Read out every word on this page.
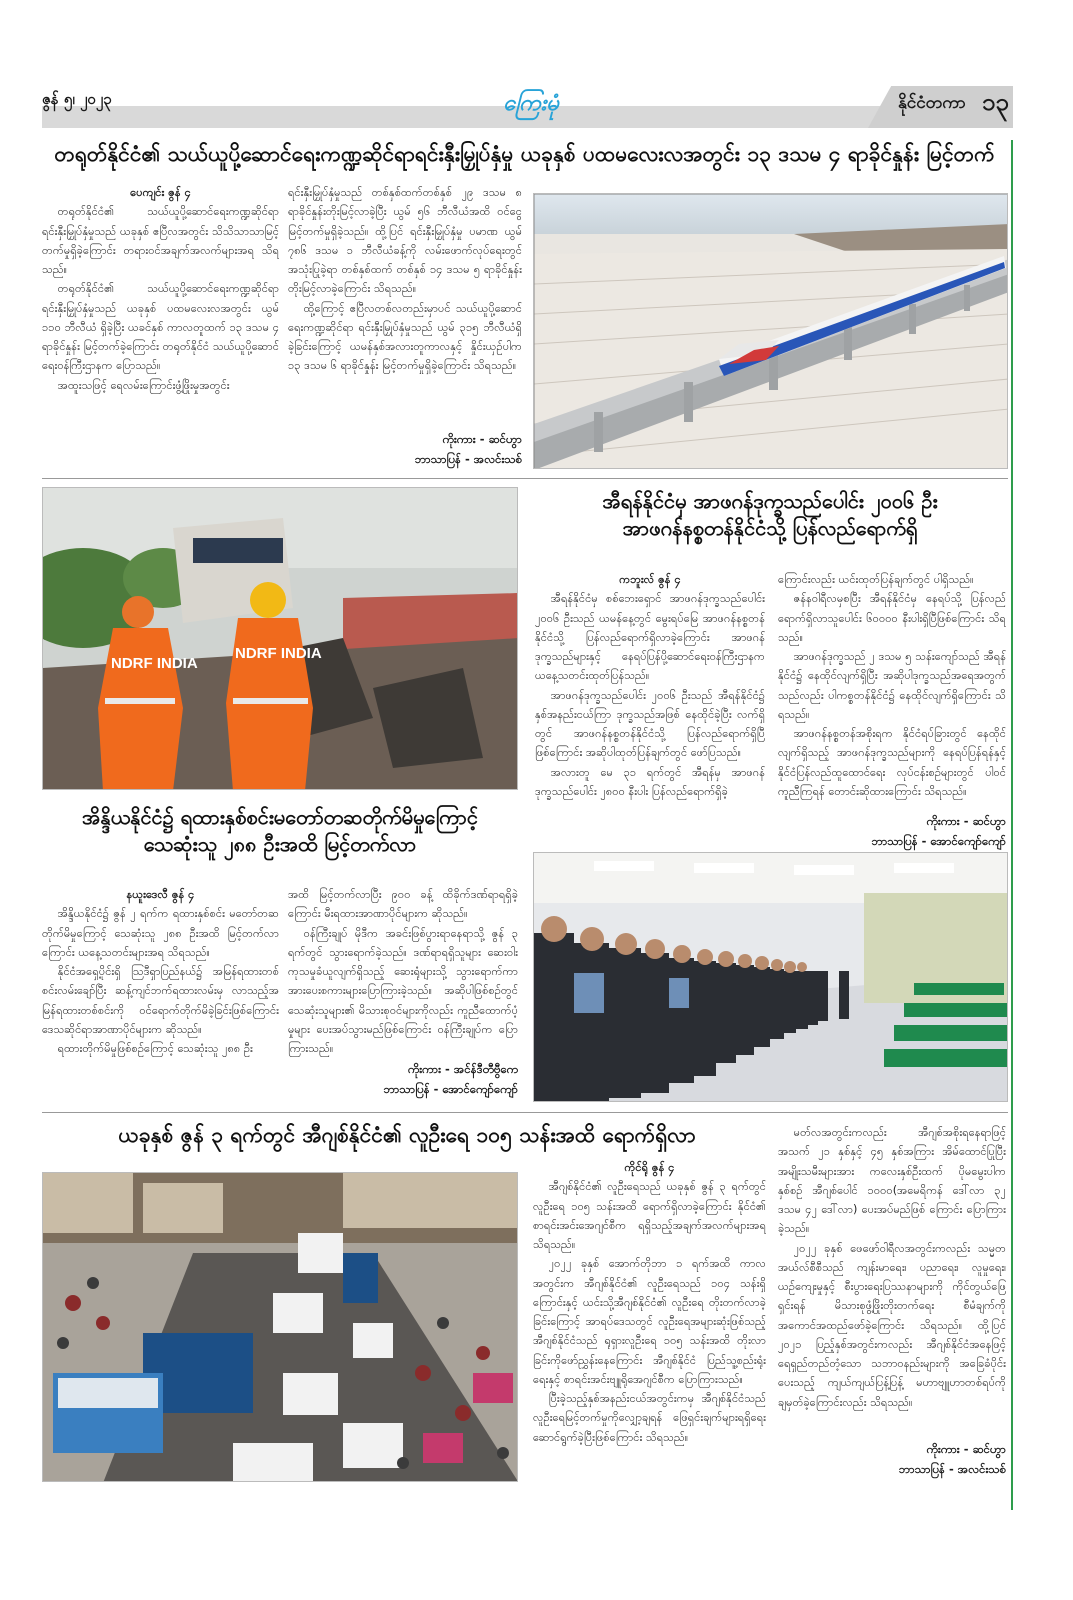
ဇွန် ၅၊ ၂၀၂၃	ကြေးမုံ	နိုင်ငံတကာ ၁၃
တရုတ်နိုင်ငံ၏ သယ်ယူပို့ဆောင်ရေးကဏ္ဍဆိုင်ရာရင်းနှီးမြှုပ်နှံမှု ယခုနှစ် ပထမလေးလအတွင်း ၁၃ ဒသမ ၄ ရာခိုင်နှုန်း မြင့်တက်

ပေကျင်း ဇွန် ၄

တရုတ်နိုင်ငံ၏ သယ်ယူပို့ဆောင်ရေးကဏ္ဍဆိုင်ရာ ရင်းနှီးမြှုပ်နှံမှုသည် ယခုနှစ် ဧပြီလအတွင်း သိသိသာသာမြင့်တက်မှုရှိခဲ့ကြောင်း တရားဝင်အချက်အလက်များအရ သိရသည်။

တရုတ်နိုင်ငံ၏ သယ်ယူပို့ဆောင်ရေးကဏ္ဍဆိုင်ရာ ရင်းနှီးမြှုပ်နှံမှုသည် ယခုနှစ် ပထမလေးလအတွင်း ယွမ် ၁၁၀ ဘီလီယံ ရှိခဲ့ပြီး ယခင်နှစ် ကာလတူထက် ၁၃ ဒသမ ၄ ရာခိုင်နှုန်း မြင့်တက်ခဲ့ကြောင်း တရုတ်နိုင်ငံ သယ်ယူပို့ဆောင်ရေးဝန်ကြီးဌာနက ပြောသည်။

အထူးသဖြင့် ရေလမ်းကြောင်းဖွံ့ဖြိုးမှုအတွင်း

ရင်းနှီးမြှုပ်နှံမှုသည် တစ်နှစ်ထက်တစ်နှစ် ၂၉ ဒသမ ၈ ရာခိုင်နှုန်းတိုးမြင့်လာခဲ့ပြီး ယွမ် ၅၆ ဘီလီယံအထိ ဝင်ငွေမြင့်တက်မှုရှိခဲ့သည်။ ထို့ပြင် ရင်းနှီးမြှုပ်နှံမှု ပမာဏ ယွမ် ၇၈၆ ဒသမ ၁ ဘီလီယံခန့်ကို လမ်းဖောက်လုပ်ရေးတွင် အသုံးပြုခဲ့ရာ တစ်နှစ်ထက် တစ်နှစ် ၁၄ ဒသမ ၅ ရာခိုင်နှုန်း တိုးမြင့်လာခဲ့ကြောင်း သိရသည်။

ထို့ကြောင့် ဧပြီလတစ်လတည်းမှာပင် သယ်ယူပို့ဆောင်ရေးကဏ္ဍဆိုင်ရာ ရင်းနှီးမြှုပ်နှံမှုသည် ယွမ် ၃၁၅ ဘီလီယံရှိခဲ့ခြင်းကြောင့် ယမန်နှစ်အလားတူကာလနှင့် နှိုင်းယှဉ်ပါက ၁၃ ဒသမ ၆ ရာခိုင်နှုန်း မြင့်တက်မှုရှိခဲ့ကြောင်း သိရသည်။

ကိုးကား - ဆင်ဟွာ
ဘာသာပြန် - အလင်းသစ်
အီရန်နိုင်ငံမှ အာဖဂန်ဒုက္ခသည်ပေါင်း ၂၀၀၆ ဦး
အာဖဂန်နစ္စတန်နိုင်ငံသို့ ပြန်လည်ရောက်ရှိ

ကဘူးလ် ဇွန် ၄

အီရန်နိုင်ငံမှ စစ်ဘေးရှောင် အာဖဂန်ဒုက္ခသည်ပေါင်း ၂၀၀၆ ဦးသည် ယမန်နေ့တွင် မွေးရပ်မြေ အာဖဂန်နစ္စတန်နိုင်ငံသို့ ပြန်လည်ရောက်ရှိလာခဲ့ကြောင်း အာဖဂန်ဒုက္ခသည်များနှင့် နေရပ်ပြန်ပို့ဆောင်ရေးဝန်ကြီးဌာနက ယနေ့သတင်းထုတ်ပြန်သည်။

အာဖဂန်ဒုက္ခသည်ပေါင်း ၂၀၀၆ ဦးသည် အီရန်နိုင်ငံ၌ နှစ်အနည်းငယ်ကြာ ဒုက္ခသည်အဖြစ် နေထိုင်ခဲ့ပြီး လက်ရှိတွင် အာဖဂန်နစ္စတန်နိုင်ငံသို့ ပြန်လည်ရောက်ရှိပြီဖြစ်ကြောင်း အဆိုပါထုတ်ပြန်ချက်တွင် ဖော်ပြသည်။

အလားတူ မေ ၃၁ ရက်တွင် အီရန်မှ အာဖဂန်ဒုက္ခသည်ပေါင်း ၂၈၀၀ နီးပါး ပြန်လည်ရောက်ရှိခဲ့

ကြောင်းလည်း ယင်းထုတ်ပြန်ချက်တွင် ပါရှိသည်။

ဇန်နဝါရီလမှစပြီး အီရန်နိုင်ငံမှ နေရပ်သို့ ပြန်လည်ရောက်ရှိလာသူပေါင်း ၆၀၀၀၀ နီးပါးရှိပြီဖြစ်ကြောင်း သိရသည်။

အာဖဂန်ဒုက္ခသည် ၂ ဒသမ ၅ သန်းကျော်သည် အီရန်နိုင်ငံ၌ နေထိုင်လျက်ရှိပြီး အဆိုပါဒုက္ခသည်အရေအတွက်သည်လည်း ပါကစ္စတန်နိုင်ငံ၌ နေထိုင်လျက်ရှိကြောင်း သိရသည်။

အာဖဂန်နစ္စတန်အစိုးရက နိုင်ငံရပ်ခြားတွင် နေထိုင်လျက်ရှိသည့် အာဖဂန်ဒုက္ခသည်များကို နေရပ်ပြန်ရန်နှင့် နိုင်ငံပြန်လည်ထူထောင်ရေး လုပ်ငန်းစဉ်များတွင် ပါဝင်ကူညီကြရန် တောင်းဆိုထားကြောင်း သိရသည်။

ကိုးကား - ဆင်ဟွာ
ဘာသာပြန် - အောင်ကျော်ကျော်
NDRF INDIA
NDRF INDIA
အိန္ဒိယနိုင်ငံ၌ ရထားနှစ်စင်းမတော်တဆတိုက်မိမှုကြောင့်
သေဆုံးသူ ၂၈၈ ဦးအထိ မြင့်တက်လာ

နယူးဒေလီ ဇွန် ၄

အိန္ဒိယနိုင်ငံ၌ ဇွန် ၂ ရက်က ရထားနှစ်စင်း မတော်တဆတိုက်မိမှုကြောင့် သေဆုံးသူ ၂၈၈ ဦးအထိ မြင့်တက်လာကြောင်း ယနေ့သတင်းများအရ သိရသည်။

နိုင်ငံအရှေ့ပိုင်းရှိ ဩဒီရှာပြည်နယ်၌ အမြန်ရထားတစ်စင်းလမ်းချော်ပြီး ဆန့်ကျင်ဘက်ရထားလမ်းမှ လာသည့်အမြန်ရထားတစ်စင်းကို ဝင်ရောက်တိုက်မိခဲ့ခြင်းဖြစ်ကြောင်း ဒေသဆိုင်ရာအာဏာပိုင်များက ဆိုသည်။

ရထားတိုက်မိမှုဖြစ်စဉ်ကြောင့် သေဆုံးသူ ၂၈၈ ဦး

အထိ မြင့်တက်လာပြီး ၉၀၀ ခန့် ထိခိုက်ဒဏ်ရာရရှိခဲ့ကြောင်း မီးရထားအာဏာပိုင်များက ဆိုသည်။

ဝန်ကြီးချုပ် မိုဒီက အခင်းဖြစ်ပွားရာနေရာသို့ ဇွန် ၃ ရက်တွင် သွားရောက်ခဲ့သည်။ ဒဏ်ရာရရှိသူများ ဆေးဝါးကုသမှုခံယူလျက်ရှိသည့် ဆေးရုံများသို့ သွားရောက်ကာ အားပေးစကားများပြောကြားခဲ့သည်။ အဆိုပါဖြစ်စဉ်တွင် သေဆုံးသူများ၏ မိသားစုဝင်များကိုလည်း ကူညီထောက်ပံ့မှုများ ပေးအပ်သွားမည်ဖြစ်ကြောင်း ဝန်ကြီးချုပ်က ပြောကြားသည်။

ကိုးကား - အင်န်ဒီတီဗွီကေ
ဘာသာပြန် - အောင်ကျော်ကျော်
ယခုနှစ် ဇွန် ၃ ရက်တွင် အီဂျစ်နိုင်ငံ၏ လူဦးရေ ၁၀၅ သန်းအထိ ရောက်ရှိလာ

ကိုင်ရို ဇွန် ၄

အီဂျစ်နိုင်ငံ၏ လူဦးရေသည် ယခုနှစ် ဇွန် ၃ ရက်တွင် လူဦးရေ ၁၀၅ သန်းအထိ ရောက်ရှိလာခဲ့ကြောင်း နိုင်ငံ၏ စာရင်းအင်းအေဂျင်စီက ရရှိသည့်အချက်အလက်များအရ သိရသည်။

၂၀၂၂ ခုနှစ် အောက်တိုဘာ ၁ ရက်အထိ ကာလအတွင်းက အီဂျစ်နိုင်ငံ၏ လူဦးရေသည် ၁၀၄ သန်းရှိကြောင်းနှင့် ယင်းသို့အီဂျစ်နိုင်ငံ၏ လူဦးရေ တိုးတက်လာခဲ့ခြင်းကြောင့် အာရပ်ဒေသတွင် လူဦးရေအများဆုံးဖြစ်သည့် အီဂျစ်နိုင်ငံသည် ရုရှားလူဦးရေ ၁၀၅ သန်းအထိ တိုးလာခြင်းကိုဖော်ညွှန်းနေကြောင်း အီဂျစ်နိုင်ငံ ပြည်သူ့စည်းရုံးရေးနှင့် စာရင်းအင်းဗျူရိုအေဂျင်စီက ပြောကြားသည်။

ပြီးခဲ့သည့်နှစ်အနည်းငယ်အတွင်းကမှ အီဂျစ်နိုင်ငံသည် လူဦးရေမြင့်တက်မှုကိုလျှော့ချရန် ဖြေရှင်းချက်များရရှိရေး ဆောင်ရွက်ခဲ့ပြီးဖြစ်ကြောင်း သိရသည်။

မတ်လအတွင်းကလည်း အီဂျစ်အစိုးရနေရာဖြင့် အသက် ၂၁ နှစ်နှင့် ၄၅ နှစ်အကြား အိမ်ထောင်ပြုပြီး အမျိုးသမီးများအား ကလေးနှစ်ဦးထက် ပိုမမွေးပါက နှစ်စဉ် အီဂျစ်ပေါင် ၁၀၀၀(အမေရိကန် ဒေါ်လာ ၃၂ ဒသမ ၄၂ ဒေါ်လာ) ပေးအပ်မည်ဖြစ် ကြောင်း ပြောကြားခဲ့သည်။

၂၀၂၂ ခုနှစ် ဖေဖော်ဝါရီလအတွင်းကလည်း သမ္မတ အယ်လ်စီစီသည် ကျန်းမာရေး၊ ပညာရေး၊ လူမှုရေး၊ ယဉ်ကျေးမှုနှင့် စီးပွားရေးပြဿနာများကို ကိုင်တွယ်ဖြေရှင်းရန် မိသားစုဖွံ့ဖြိုးတိုးတက်ရေး စီမံချက်ကို အကောင်အထည်ဖော်ခဲ့ကြောင်း သိရသည်။ ထို့ပြင် ၂၀၂၁ ပြည့်နှစ်အတွင်းကလည်း အီဂျစ်နိုင်ငံအနေဖြင့် ရေရှည်တည်တံ့သော သဘာဝနည်းများကို အခြေခံပိုင်းပေးသည့် ကျယ်ကျယ်ပြန့်ပြန့် မဟာဗျူဟာတစ်ရပ်ကို ချမှတ်ခဲ့ကြောင်းလည်း သိရသည်။

ကိုးကား - ဆင်ဟွာ
ဘာသာပြန် - အလင်းသစ်
